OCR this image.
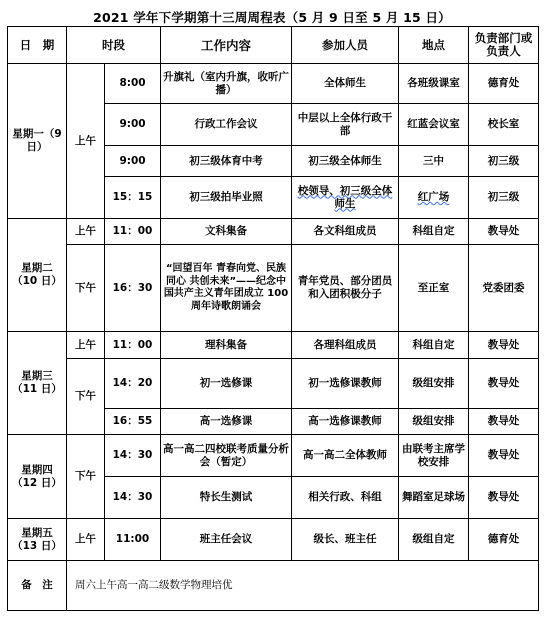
2021 学年下学期第十三周周程表（5 月 9 日至 5 月 15 日）
日　期	时段		工作内容	参加人员	地点	负责部门或负责人
星期一（9 日）	上午	8:00	升旗礼（室内升旗，收听广播）	全体师生	各班级课室	德育处
		9:00	行政工作会议	中层以上全体行政干部	红蓝会议室	校长室
		9:00	初三级体育中考	初三级全体师生	三中	初三级
		15：15	初三级拍毕业照	校领导、初三级全体师生	红广场	初三级
星期二（10 日）	上午	11：00	文科集备	各文科组成员	科组自定	教导处
	下午	16：30	“回望百年 青春向党、民族同心 共创未来”——纪念中国共产主义青年团成立 100 周年诗歌朗诵会	青年党员、部分团员和入团积极分子	至正室	党委团委
星期三（11 日）	上午	11：00	理科集备	各理科组成员	科组自定	教导处
	下午	14：20	初一选修课	初一选修课教师	级组安排	教导处
		16：55	高一选修课	高一选修课教师	级组安排	教导处
星期四（12 日）	下午	14：30	高一高二四校联考质量分析会（暂定）	高一高二全体教师	由联考主席学校安排	教导处
		14：30	特长生测试	相关行政、科组	舞蹈室足球场	教导处
星期五（13 日）	上午	11:00	班主任会议	级长、班主任	级组自定	德育处
备　注	周六上午高一高二级数学物理培优					
